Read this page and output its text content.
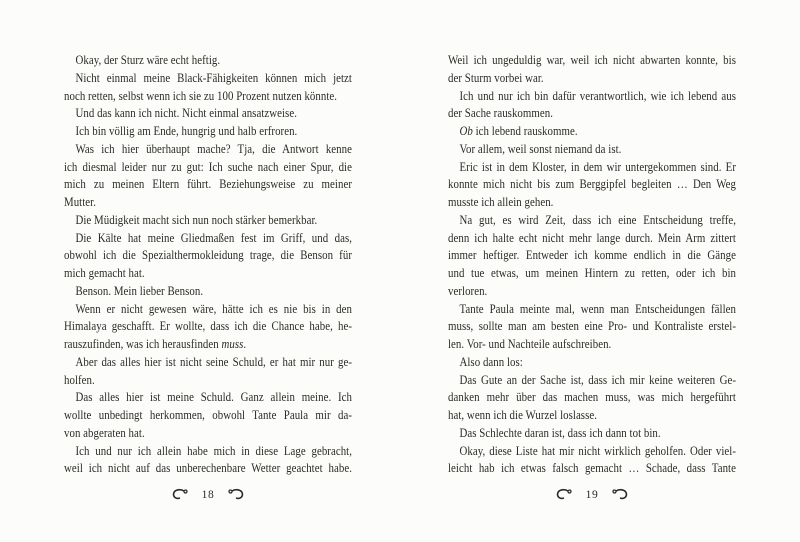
Okay, der Sturz wäre echt heftig.
Nicht einmal meine Black-Fähigkeiten können mich jetzt
noch retten, selbst wenn ich sie zu 100 Prozent nutzen könnte.
Und das kann ich nicht. Nicht einmal ansatzweise.
Ich bin völlig am Ende, hungrig und halb erfroren.
Was ich hier überhaupt mache? Tja, die Antwort kenne
ich diesmal leider nur zu gut: Ich suche nach einer Spur, die
mich zu meinen Eltern führt. Beziehungsweise zu meiner
Mutter.
Die Müdigkeit macht sich nun noch stärker bemerkbar.
Die Kälte hat meine Gliedmaßen fest im Griff, und das,
obwohl ich die Spezialthermokleidung trage, die Benson für
mich gemacht hat.
Benson. Mein lieber Benson.
Wenn er nicht gewesen wäre, hätte ich es nie bis in den
Himalaya geschafft. Er wollte, dass ich die Chance habe, he-
rauszufinden, was ich herausfinden muss.
Aber das alles hier ist nicht seine Schuld, er hat mir nur ge-
holfen.
Das alles hier ist meine Schuld. Ganz allein meine. Ich
wollte unbedingt herkommen, obwohl Tante Paula mir da-
von abgeraten hat.
Ich und nur ich allein habe mich in diese Lage gebracht,
weil ich nicht auf das unberechenbare Wetter geachtet habe.
18
Weil ich ungeduldig war, weil ich nicht abwarten konnte, bis
der Sturm vorbei war.
Ich und nur ich bin dafür verantwortlich, wie ich lebend aus
der Sache rauskommen.
Ob ich lebend rauskomme.
Vor allem, weil sonst niemand da ist.
Eric ist in dem Kloster, in dem wir untergekommen sind. Er
konnte mich nicht bis zum Berggipfel begleiten … Den Weg
musste ich allein gehen.
Na gut, es wird Zeit, dass ich eine Entscheidung treffe,
denn ich halte echt nicht mehr lange durch. Mein Arm zittert
immer heftiger. Entweder ich komme endlich in die Gänge
und tue etwas, um meinen Hintern zu retten, oder ich bin
verloren.
Tante Paula meinte mal, wenn man Entscheidungen fällen
muss, sollte man am besten eine Pro- und Kontraliste erstel-
len. Vor- und Nachteile aufschreiben.
Also dann los:
Das Gute an der Sache ist, dass ich mir keine weiteren Ge-
danken mehr über das machen muss, was mich hergeführt
hat, wenn ich die Wurzel loslasse.
Das Schlechte daran ist, dass ich dann tot bin.
Okay, diese Liste hat mir nicht wirklich geholfen. Oder viel-
leicht hab ich etwas falsch gemacht … Schade, dass Tante
19
